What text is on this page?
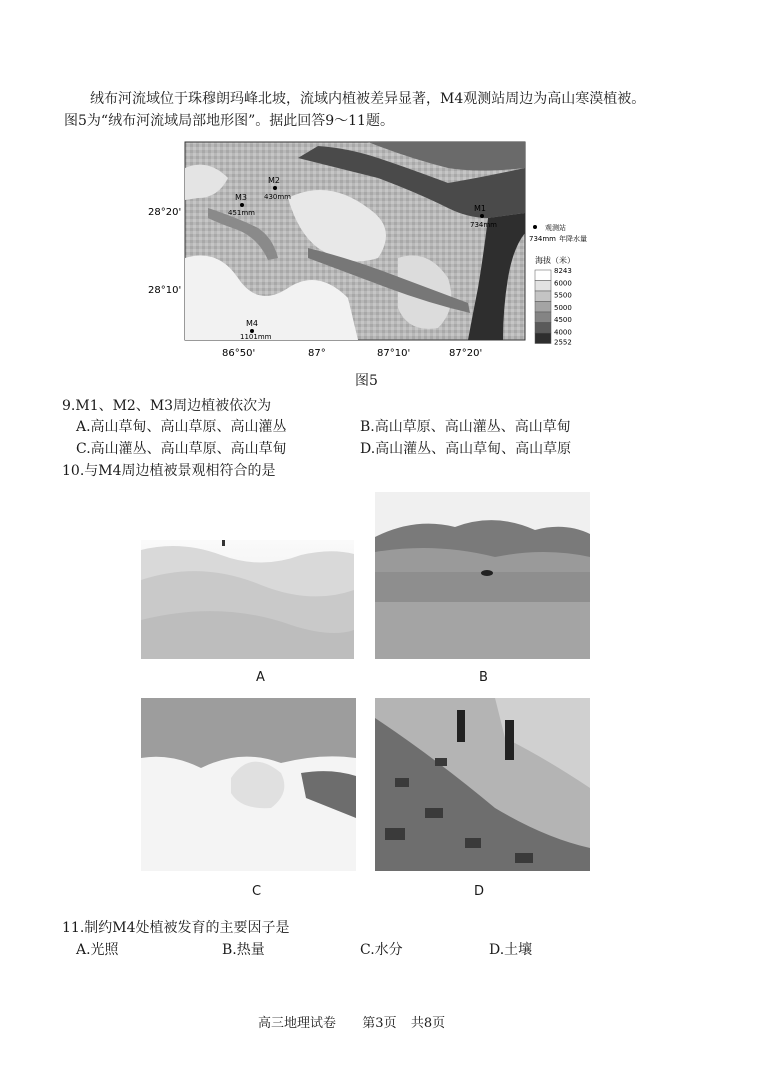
绒布河流域位于珠穆朗玛峰北坡，流域内植被差异显著，M4观测站周边为高山寒漠植被。
图5为“绒布河流域局部地形图”。据此回答9～11题。
M1
734mm
M2
430mm
M3
451mm
M4
1101mm
28°20'
28°10'
86°50'	87°	87°10'	87°20'
观测站
734mm 年降水量
海拔（米）
8243
6000
5500
5000
4500
4000
2552
图5
9.M1、M2、M3周边植被依次为
A.高山草甸、高山草原、高山灌丛	B.高山草原、高山灌丛、高山草甸
C.高山灌丛、高山草原、高山草甸	D.高山灌丛、高山草甸、高山草原
10.与M4周边植被景观相符合的是
A	B
C	D
11.制约M4处植被发育的主要因子是
A.光照	B.热量	C.水分	D.土壤
高三地理试卷 第3页 共8页
